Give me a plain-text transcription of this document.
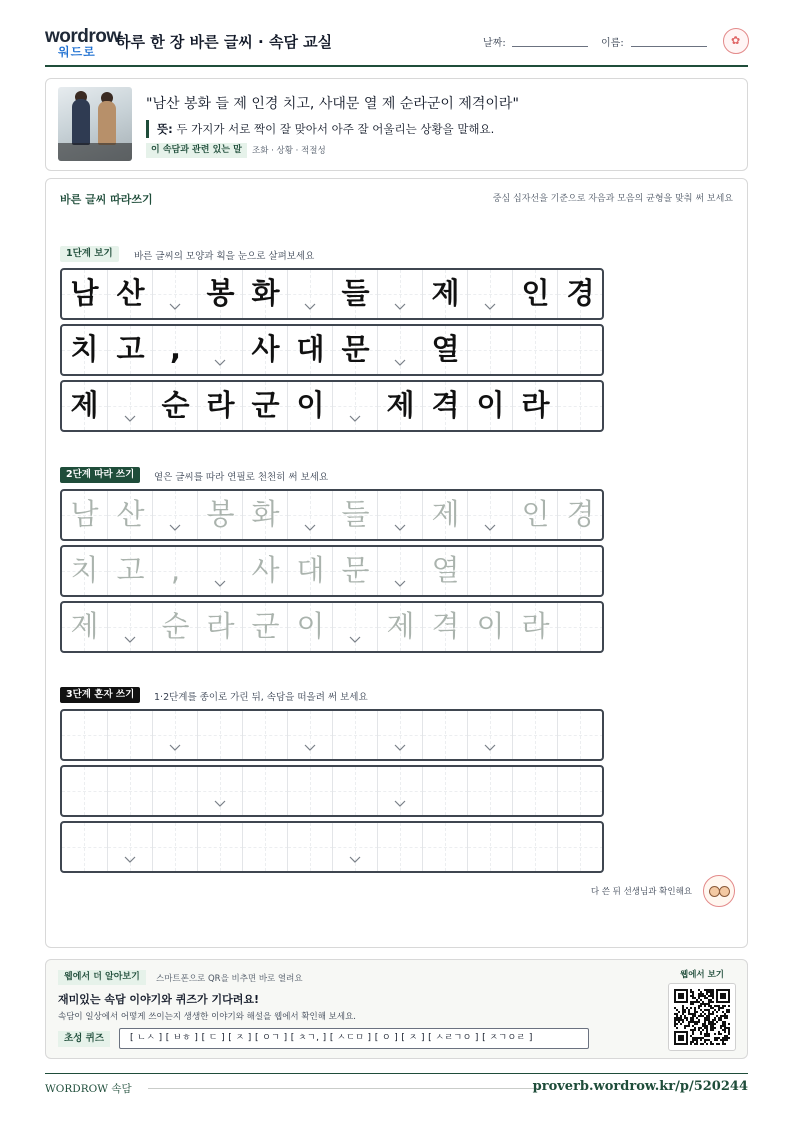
wordrow
워드로
하루 한 장 바른 글씨 · 속담 교실	날짜:	이름:
✿
"남산 봉화 들 제 인경 치고, 사대문 열 제 순라군이 제격이라"
뜻: 두 가지가 서로 짝이 잘 맞아서 아주 잘 어울리는 상황을 말해요.
이 속담과 관련 있는 말	조화 · 상황 · 적절성
바른 글씨 따라쓰기	중심 십자선을 기준으로 자음과 모음의 균형을 맞춰 써 보세요
1단계 보기	바른 글씨의 모양과 획을 눈으로 살펴보세요
2단계 따라 쓰기	옅은 글씨를 따라 연필로 천천히 써 보세요
3단계 혼자 쓰기	1·2단계를 종이로 가린 뒤, 속담을 떠올려 써 보세요
남 산 봉 화 들 제 인 경
치 고 ,	사 대 문 열
제 순 라 군 이 제 격 이 라
남 산 봉 화 들 제 인 경
치 고 ,	사 대 문 열
제 순 라 군 이 제 격 이 라
다 쓴 뒤 선생님과 확인해요
웹에서 더 알아보기	스마트폰으로 QR을 비추면 바로 열려요
재미있는 속담 이야기와 퀴즈가 기다려요!
속담이 일상에서 어떻게 쓰이는지 생생한 이야기와 해설을 웹에서 확인해 보세요.
초성 퀴즈	[ ㄴㅅ ] [ ㅂㅎ ] [ ㄷ ] [ ㅈ ] [ ㅇㄱ ] [ ㅊㄱ, ] [ ㅅㄷㅁ ] [ ㅇ ] [ ㅈ ] [ ㅅㄹㄱㅇ ] [ ㅈㄱㅇㄹ ]
웹에서 보기
WORDROW 속담	proverb.wordrow.kr/p/520244
